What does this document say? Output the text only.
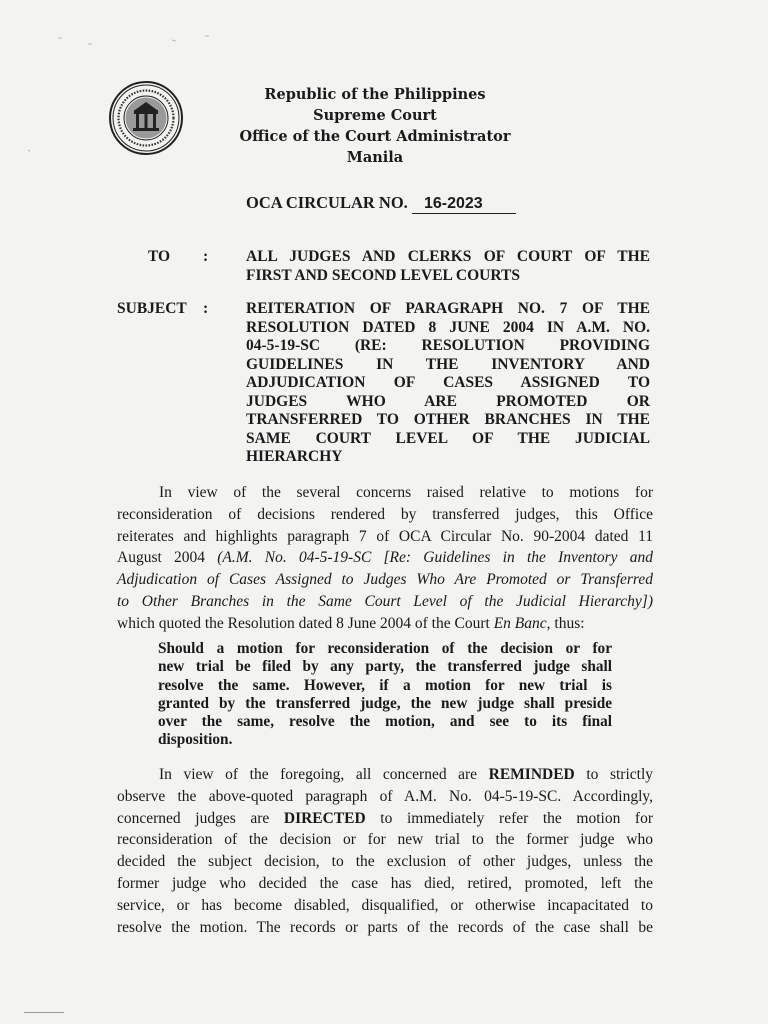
Republic of the Philippines
Supreme Court
Office of the Court Administrator
Manila
OCA CIRCULAR NO. 16-2023
TO : ALL JUDGES AND CLERKS OF COURT OF THE
FIRST AND SECOND LEVEL COURTS
SUBJECT : REITERATION OF PARAGRAPH NO. 7 OF THE
RESOLUTION DATED 8 JUNE 2004 IN A.M. NO.
04-5-19-SC (RE: RESOLUTION PROVIDING
GUIDELINES IN THE INVENTORY AND
ADJUDICATION OF CASES ASSIGNED TO
JUDGES WHO ARE PROMOTED OR
TRANSFERRED TO OTHER BRANCHES IN THE
SAME COURT LEVEL OF THE JUDICIAL
HIERARCHY
In view of the several concerns raised relative to motions for
reconsideration of decisions rendered by transferred judges, this Office
reiterates and highlights paragraph 7 of OCA Circular No. 90-2004 dated 11
August 2004 (A.M. No. 04-5-19-SC [Re: Guidelines in the Inventory and
Adjudication of Cases Assigned to Judges Who Are Promoted or Transferred
to Other Branches in the Same Court Level of the Judicial Hierarchy])
which quoted the Resolution dated 8 June 2004 of the Court En Banc, thus:
Should a motion for reconsideration of the decision or for
new trial be filed by any party, the transferred judge shall
resolve the same. However, if a motion for new trial is
granted by the transferred judge, the new judge shall preside
over the same, resolve the motion, and see to its final
disposition.
In view of the foregoing, all concerned are REMINDED to strictly
observe the above-quoted paragraph of A.M. No. 04-5-19-SC. Accordingly,
concerned judges are DIRECTED to immediately refer the motion for
reconsideration of the decision or for new trial to the former judge who
decided the subject decision, to the exclusion of other judges, unless the
former judge who decided the case has died, retired, promoted, left the
service, or has become disabled, disqualified, or otherwise incapacitated to
resolve the motion. The records or parts of the records of the case shall be
